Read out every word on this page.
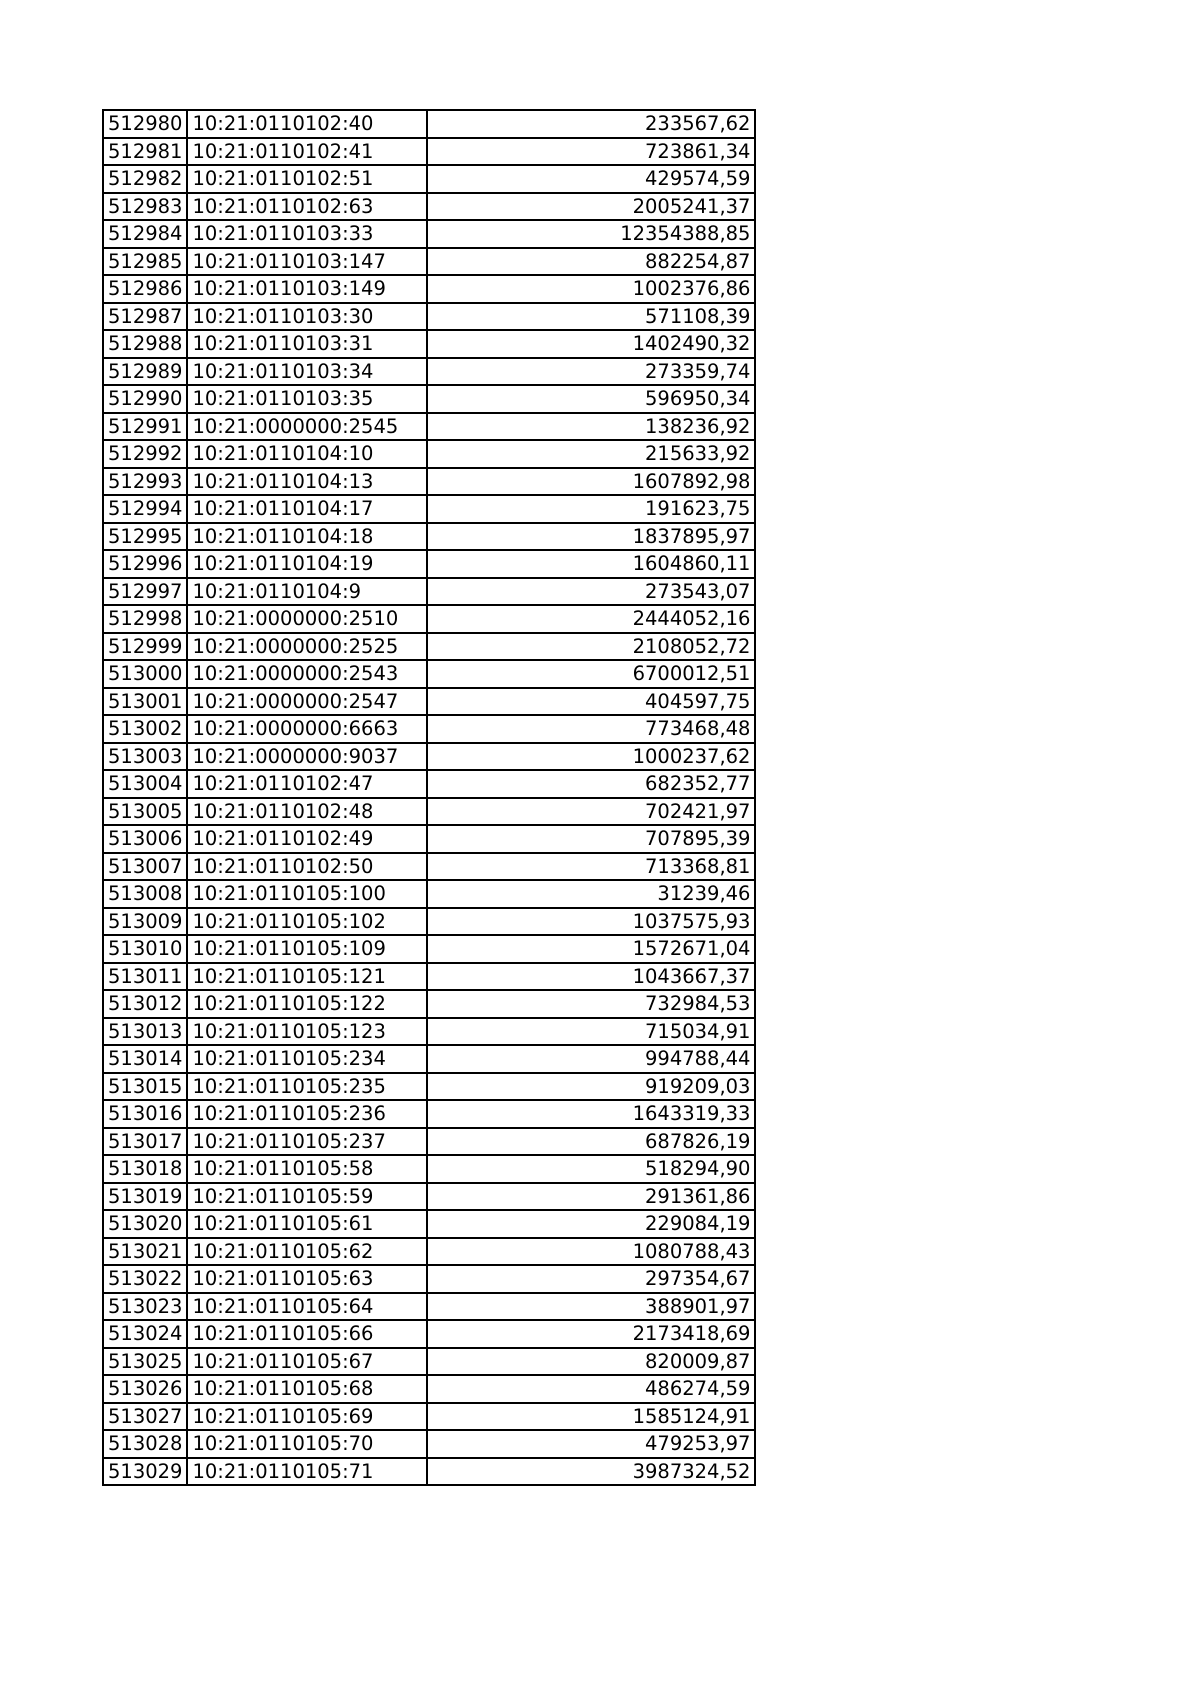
512980	10:21:0110102:40	233567,62
512981	10:21:0110102:41	723861,34
512982	10:21:0110102:51	429574,59
512983	10:21:0110102:63	2005241,37
512984	10:21:0110103:33	12354388,85
512985	10:21:0110103:147	882254,87
512986	10:21:0110103:149	1002376,86
512987	10:21:0110103:30	571108,39
512988	10:21:0110103:31	1402490,32
512989	10:21:0110103:34	273359,74
512990	10:21:0110103:35	596950,34
512991	10:21:0000000:2545	138236,92
512992	10:21:0110104:10	215633,92
512993	10:21:0110104:13	1607892,98
512994	10:21:0110104:17	191623,75
512995	10:21:0110104:18	1837895,97
512996	10:21:0110104:19	1604860,11
512997	10:21:0110104:9	273543,07
512998	10:21:0000000:2510	2444052,16
512999	10:21:0000000:2525	2108052,72
513000	10:21:0000000:2543	6700012,51
513001	10:21:0000000:2547	404597,75
513002	10:21:0000000:6663	773468,48
513003	10:21:0000000:9037	1000237,62
513004	10:21:0110102:47	682352,77
513005	10:21:0110102:48	702421,97
513006	10:21:0110102:49	707895,39
513007	10:21:0110102:50	713368,81
513008	10:21:0110105:100	31239,46
513009	10:21:0110105:102	1037575,93
513010	10:21:0110105:109	1572671,04
513011	10:21:0110105:121	1043667,37
513012	10:21:0110105:122	732984,53
513013	10:21:0110105:123	715034,91
513014	10:21:0110105:234	994788,44
513015	10:21:0110105:235	919209,03
513016	10:21:0110105:236	1643319,33
513017	10:21:0110105:237	687826,19
513018	10:21:0110105:58	518294,90
513019	10:21:0110105:59	291361,86
513020	10:21:0110105:61	229084,19
513021	10:21:0110105:62	1080788,43
513022	10:21:0110105:63	297354,67
513023	10:21:0110105:64	388901,97
513024	10:21:0110105:66	2173418,69
513025	10:21:0110105:67	820009,87
513026	10:21:0110105:68	486274,59
513027	10:21:0110105:69	1585124,91
513028	10:21:0110105:70	479253,97
513029	10:21:0110105:71	3987324,52
